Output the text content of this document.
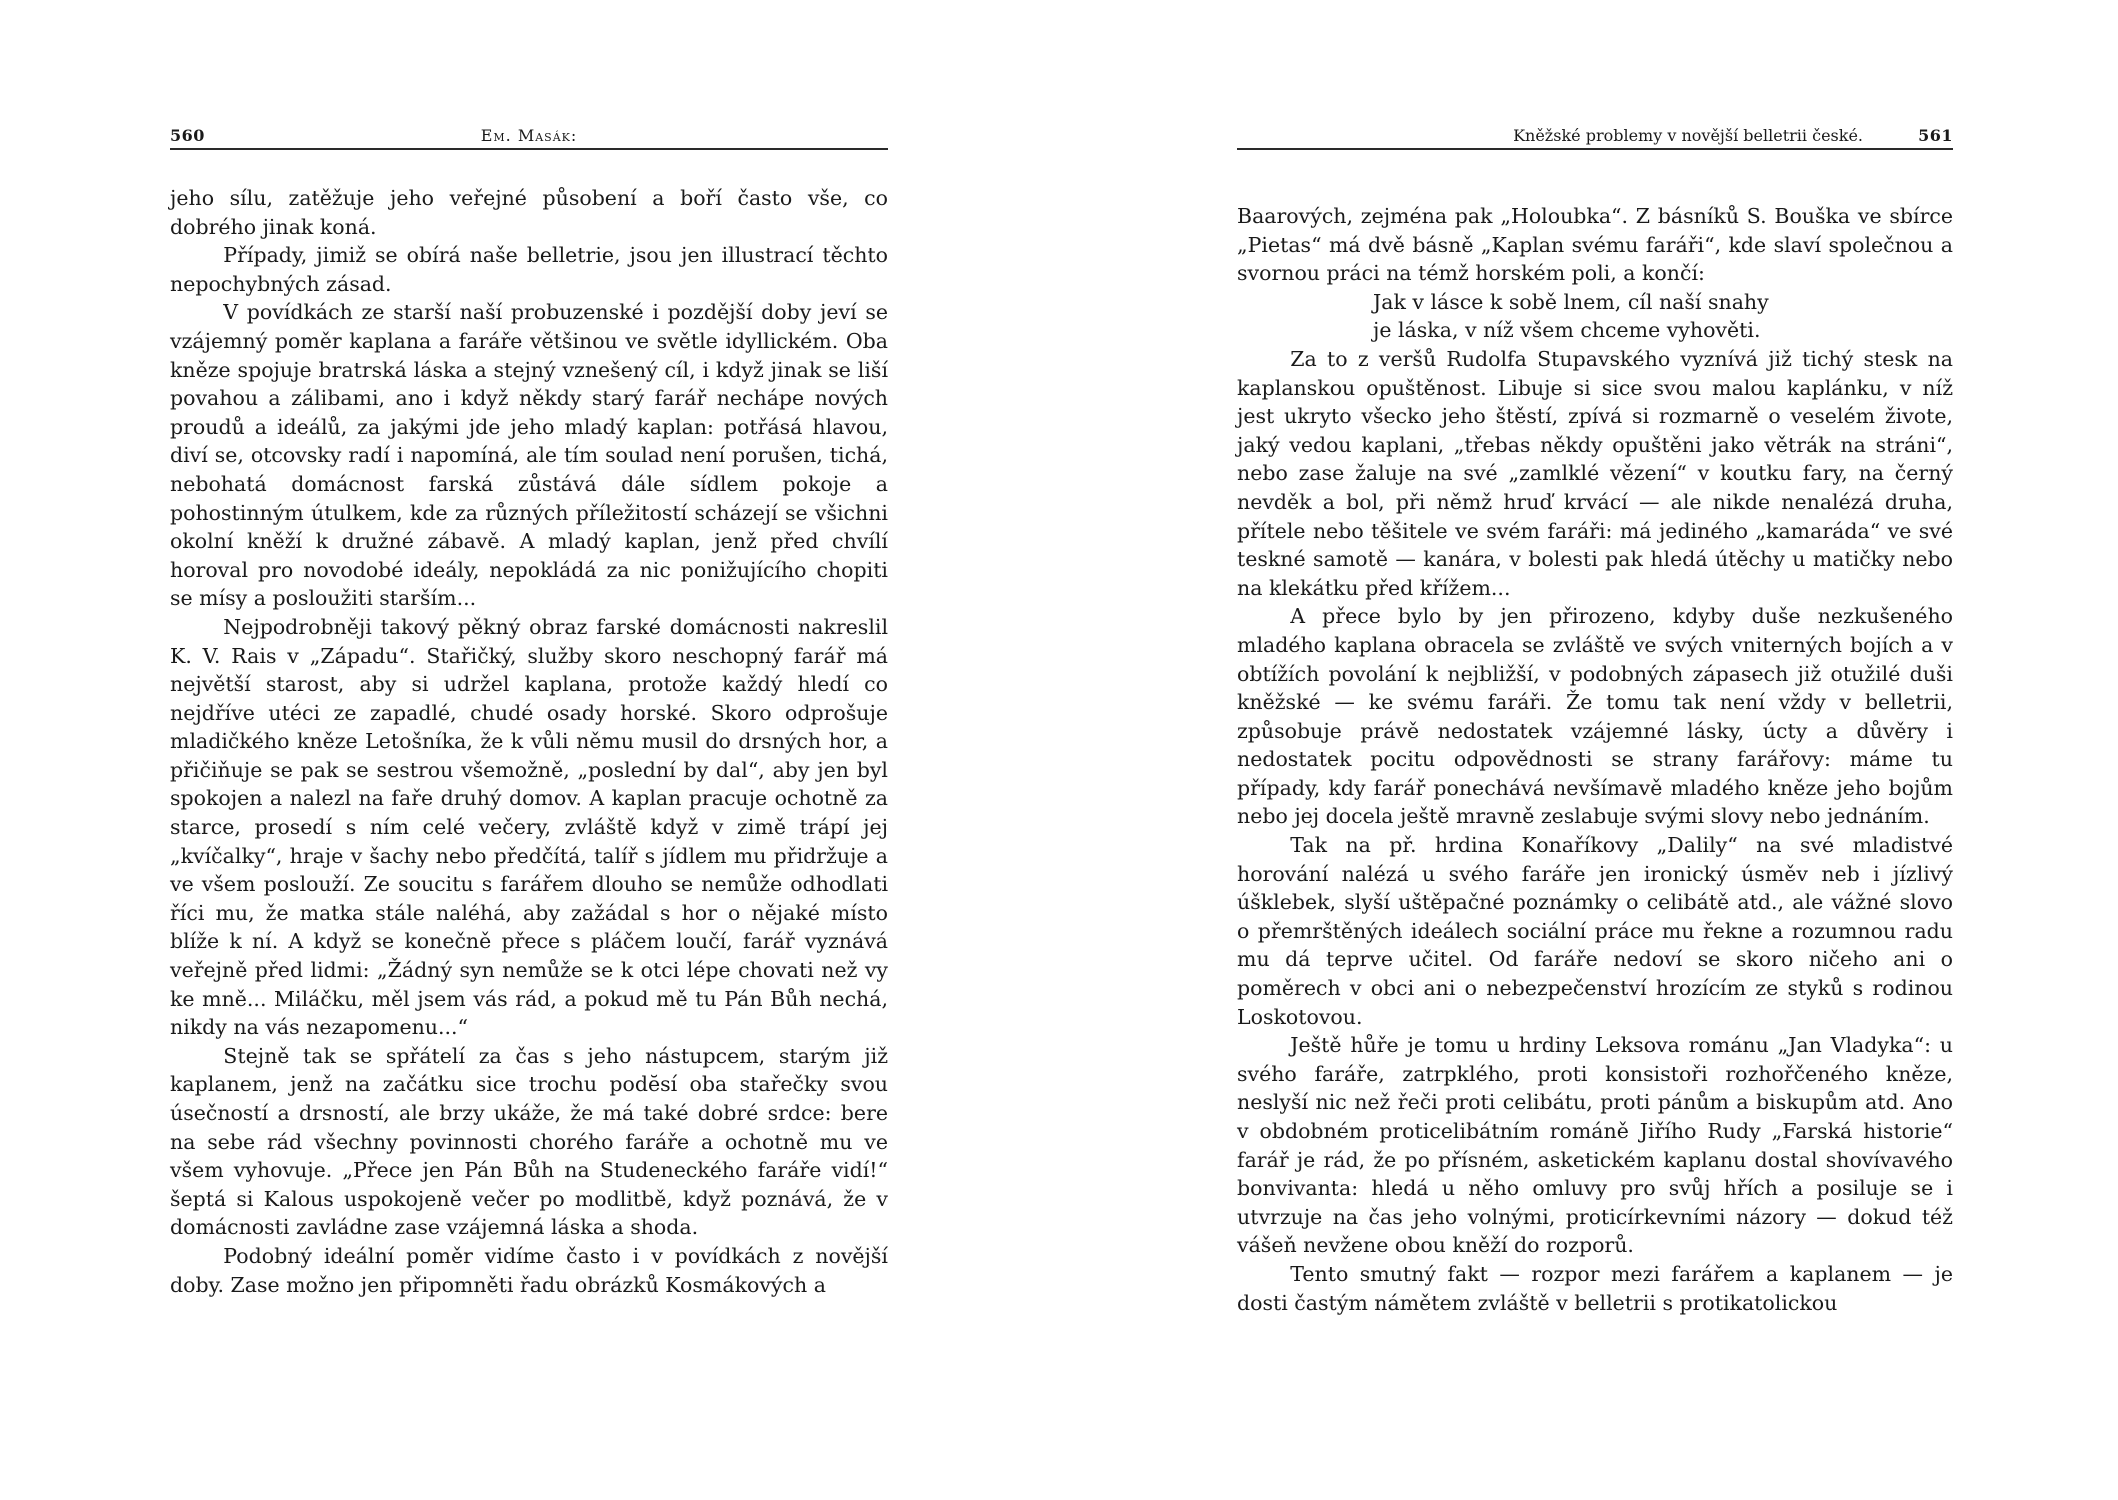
560	Em. Masák:

jeho sílu, zatěžuje jeho veřejné působení a boří často vše, co dobrého jinak koná.

Případy, jimiž se obírá naše belletrie, jsou jen illustrací těchto nepochybných zásad.

V povídkách ze starší naší probuzenské i pozdější doby jeví se vzájemný poměr kaplana a faráře většinou ve světle idyllickém. Oba kněze spojuje bratrská láska a stejný vznešený cíl, i když jinak se liší povahou a zálibami, ano i když někdy starý farář nechápe nových proudů a ideálů, za jakými jde jeho mladý kaplan: potřásá hlavou, diví se, otcovsky radí i napomíná, ale tím soulad není porušen, tichá, nebohatá domácnost farská zůstává dále sídlem pokoje a pohostinným útulkem, kde za různých příležitostí scházejí se všichni okolní kněží k družné zábavě. A mladý kaplan, jenž před chvílí horoval pro novodobé ideály, nepokládá za nic ponižujícího chopiti se mísy a posloužiti starším...

Nejpodrobněji takový pěkný obraz farské domácnosti nakreslil K. V. Rais v „Západu“. Stařičký, služby skoro neschopný farář má největší starost, aby si udržel kaplana, protože každý hledí co nejdříve utéci ze zapadlé, chudé osady horské. Skoro odprošuje mladičkého kněze Letošníka, že k vůli němu musil do drsných hor, a přičiňuje se pak se sestrou všemožně, „poslední by dal“, aby jen byl spokojen a nalezl na faře druhý domov. A kaplan pracuje ochotně za starce, prosedí s ním celé večery, zvláště když v zimě trápí jej „kvíčalky“, hraje v šachy nebo předčítá, talíř s jídlem mu přidržuje a ve všem poslouží. Ze soucitu s farářem dlouho se nemůže odhodlati říci mu, že matka stále naléhá, aby zažádal s hor o nějaké místo blíže k ní. A když se konečně přece s pláčem loučí, farář vyznává veřejně před lidmi: „Žádný syn nemůže se k otci lépe chovati než vy ke mně... Miláčku, měl jsem vás rád, a pokud mě tu Pán Bůh nechá, nikdy na vás nezapomenu...“

Stejně tak se spřátelí za čas s jeho nástupcem, starým již kaplanem, jenž na začátku sice trochu podĕsí oba stařečky svou úsečností a drsností, ale brzy ukáže, že má také dobré srdce: bere na sebe rád všechny povinnosti chorého faráře a ochotně mu ve všem vyhovuje. „Přece jen Pán Bůh na Studeneckého faráře vidí!“ šeptá si Kalous uspokojeně večer po modlitbě, když poznává, že v domácnosti zavládne zase vzájemná láska a shoda.

Podobný ideální poměr vidíme často i v povídkách z novější doby. Zase možno jen připomněti řadu obrázků Kosmákových a

Kněžské problemy v novější belletrii české.	561

Baarových, zejména pak „Holoubka“. Z básníků S. Bouška ve sbírce „Pietas“ má dvě básně „Kaplan svému faráři“, kde slaví společnou a svornou práci na témž horském poli, a končí:

Jak v lásce k sobě lnem, cíl naší snahy
je láska, v níž všem chceme vyhověti.

Za to z veršů Rudolfa Stupavského vyznívá již tichý stesk na kaplanskou opuštěnost. Libuje si sice svou malou kaplánku, v níž jest ukryto všecko jeho štěstí, zpívá si rozmarně o veselém živote, jaký vedou kaplani, „třebas někdy opuštěni jako větrák na stráni“, nebo zase žaluje na své „zamlklé vězení“ v koutku fary, na černý nevděk a bol, při němž hruď krvácí — ale nikde nenalézá druha, přítele nebo těšitele ve svém faráři: má jediného „kamaráda“ ve své teskné samotě — kanára, v bolesti pak hledá útěchy u matičky nebo na klekátku před křížem...

A přece bylo by jen přirozeno, kdyby duše nezkušeného mladého kaplana obracela se zvláště ve svých vniterných bojích a v obtížích povolání k nejbližší, v podobných zápasech již otužilé duši kněžské — ke svému faráři. Že tomu tak není vždy v belletrii, způsobuje právě nedostatek vzájemné lásky, úcty a důvěry i nedostatek pocitu odpovědnosti se strany farářovy: máme tu případy, kdy farář ponechává nevšímavě mladého kněze jeho bojům nebo jej docela ještě mravně zeslabuje svými slovy nebo jednáním.

Tak na př. hrdina Konaříkovy „Dalily“ na své mladistvé horování nalézá u svého faráře jen ironický úsměv neb i jízlivý úšklebek, slyší uštěpačné poznámky o celibátě atd., ale vážné slovo o přemrštěných ideálech sociální práce mu řekne a rozumnou radu mu dá teprve učitel. Od faráře nedoví se skoro ničeho ani o poměrech v obci ani o nebezpečenství hrozícím ze styků s rodinou Loskotovou.

Ještě hůře je tomu u hrdiny Leksova románu „Jan Vladyka“: u svého faráře, zatrpklého, proti konsistoři rozhořčeného kněze, neslyší nic než řeči proti celibátu, proti pánům a biskupům atd. Ano v obdobném proticelibátním románě Jiřího Rudy „Farská historie“ farář je rád, že po přísném, asketickém kaplanu dostal shovívavého bonvivanta: hledá u něho omluvy pro svůj hřích a posiluje se i utvrzuje na čas jeho volnými, proticírkevními názory — dokud též vášeň nevžene obou kněží do rozporů.

Tento smutný fakt — rozpor mezi farářem a kaplanem — je dosti častým námětem zvláště v belletrii s protikatolickou
